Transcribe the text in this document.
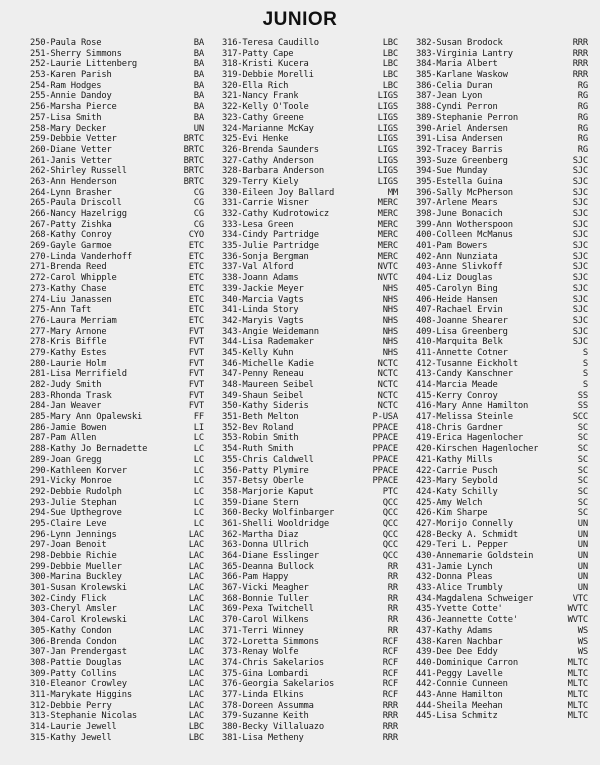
JUNIOR
250-Paula Rose	BA
251-Sherry Simmons	BA
252-Laurie Littenberg	BA
253-Karen Parish	BA
254-Ram Hodges	BA
255-Annie Dandoy	BA
256-Marsha Pierce	BA
257-Lisa Smith	BA
258-Mary Decker	UN
259-Debbie Vetter	BRTC
260-Diane Vetter	BRTC
261-Janis Vetter	BRTC
262-Shirley Russell	BRTC
263-Ann Henderson	BRTC
264-Lynn Brasher	CG
265-Paula Driscoll	CG
266-Nancy Hazelrigg	CG
267-Patty Zishka	CG
268-Kathy Conroy	CYO
269-Gayle Garmoe	ETC
270-Linda Vanderhoff	ETC
271-Brenda Reed	ETC
272-Carol Whipple	ETC
273-Kathy Chase	ETC
274-Liu Janassen	ETC
275-Ann Taft	ETC
276-Laura Merriam	ETC
277-Mary Arnone	FVT
278-Kris Biffle	FVT
279-Kathy Estes	FVT
280-Laurie Holm	FVT
281-Lisa Merrifield	FVT
282-Judy Smith	FVT
283-Rhonda Trask	FVT
284-Jan Weaver	FVT
285-Mary Ann Opalewski	FF
286-Jamie Bowen	LI
287-Pam Allen	LC
288-Kathy Jo Bernadette	LC
289-Joan Gregg	LC
290-Kathleen Korver	LC
291-Vicky Monroe	LC
292-Debbie Rudolph	LC
293-Julie Stephan	LC
294-Sue Upthegrove	LC
295-Claire Leve	LC
296-Lynn Jennings	LAC
297-Joan Benoit	LAC
298-Debbie Richie	LAC
299-Debbie Mueller	LAC
300-Marina Buckley	LAC
301-Susan Krolewski	LAC
302-Cindy Flick	LAC
303-Cheryl Amsler	LAC
304-Carol Krolewski	LAC
305-Kathy Condon	LAC
306-Brenda Condon	LAC
307-Jan Prendergast	LAC
308-Pattie Douglas	LAC
309-Patty Collins	LAC
310-Eleanor Crowley	LAC
311-Marykate Higgins	LAC
312-Debbie Perry	LAC
313-Stephanie Nicolas	LAC
314-Laurie Jewell	LBC
315-Kathy Jewell	LBC
316-Teresa Caudillo	LBC
317-Patty Cape	LBC
318-Kristi Kucera	LBC
319-Debbie Morelli	LBC
320-Ella Rich	LBC
321-Nancy Frank	LIGS
322-Kelly O'Toole	LIGS
323-Cathy Greene	LIGS
324-Marianne McKay	LIGS
325-Evi Henke	LIGS
326-Brenda Saunders	LIGS
327-Cathy Anderson	LIGS
328-Barbara Anderson	LIGS
329-Terry Kiely	LIGS
330-Eileen Joy Ballard	MM
331-Carrie Wisner	MERC
332-Cathy Kudrotowicz	MERC
333-Lesa Green	MERC
334-Cindy Partridge	MERC
335-Julie Partridge	MERC
336-Sonja Bergman	MERC
337-Val Alford	NVTC
338-Joann Adams	NVTC
339-Jackie Meyer	NHS
340-Marcia Vagts	NHS
341-Linda Story	NHS
342-Maryis Vagts	NHS
343-Angie Weidemann	NHS
344-Lisa Rademaker	NHS
345-Kelly Kuhn	NHS
346-Michelle Kadie	NCTC
347-Penny Reneau	NCTC
348-Maureen Seibel	NCTC
349-Shaun Seibel	NCTC
350-Kathy Sideris	NCTC
351-Beth Melton	P-USA
352-Bev Roland	PPACE
353-Robin Smith	PPACE
354-Ruth Smith	PPACE
355-Chris Caldwell	PPACE
356-Patty Plymire	PPACE
357-Betsy Oberle	PPACE
358-Marjorie Kaput	PTC
359-Diane Stern	QCC
360-Becky Wolfinbarger	QCC
361-Shelli Wooldridge	QCC
362-Martha Diaz	QCC
363-Donna Ullrich	QCC
364-Diane Esslinger	QCC
365-Deanna Bullock	RR
366-Pam Happy	RR
367-Vicki Meagher	RR
368-Bonnie Tuller	RR
369-Pexa Twitchell	RR
370-Carol Wilkens	RR
371-Terri Winney	RR
372-Loretta Simmons	RCF
373-Renay Wolfe	RCF
374-Chris Sakelarios	RCF
375-Gina Lombardi	RCF
376-Georgia Sakelarios	RCF
377-Linda Elkins	RCF
378-Doreen Assumma	RRR
379-Suzanne Keith	RRR
380-Becky Villaluazo	RRR
381-Lisa Metheny	RRR
382-Susan Brodock	RRR
383-Virginia Lantry	RRR
384-Maria Albert	RRR
385-Karlane Waskow	RRR
386-Celia Duran	RG
387-Jean Lyon	RG
388-Cyndi Perron	RG
389-Stephanie Perron	RG
390-Ariel Andersen	RG
391-Lisa Andersen	RG
392-Tracey Barris	RG
393-Suze Greenberg	SJC
394-Sue Munday	SJC
395-Estella Guina	SJC
396-Sally McPherson	SJC
397-Arlene Mears	SJC
398-June Bonacich	SJC
399-Ann Wotherspoon	SJC
400-Colleen McManus	SJC
401-Pam Bowers	SJC
402-Ann Nunziata	SJC
403-Anne Slivkoff	SJC
404-Liz Douglas	SJC
405-Carolyn Bing	SJC
406-Heide Hansen	SJC
407-Rachael Ervin	SJC
408-Joanne Shearer	SJC
409-Lisa Greenberg	SJC
410-Marquita Belk	SJC
411-Annette Cotner	S
412-Tusanne Eickholt	S
413-Candy Kanschner	S
414-Marcia Meade	S
415-Kerry Conroy	SS
416-Mary Anne Hamilton	SS
417-Melissa Steinle	SCC
418-Chris Gardner	SC
419-Erica Hagenlocher	SC
420-Kirschen Hagenlocher	SC
421-Kathy Mills	SC
422-Carrie Pusch	SC
423-Mary Seybold	SC
424-Katy Schilly	SC
425-Amy Welch	SC
426-Kim Sharpe	SC
427-Morijo Connelly	UN
428-Becky A. Schmidt	UN
429-Teri L. Pepper	UN
430-Annemarie Goldstein	UN
431-Jamie Lynch	UN
432-Donna Pleas	UN
433-Alice Trumbly	UN
434-Magdalena Schweiger	VTC
435-Yvette Cotte'	WVTC
436-Jeannette Cotte'	WVTC
437-Kathy Adams	WS
438-Karen Nachbar	WS
439-Dee Dee Eddy	WS
440-Dominique Carron	MLTC
441-Peggy Lavelle	MLTC
442-Connie Cunneen	MLTC
443-Anne Hamilton	MLTC
444-Sheila Meehan	MLTC
445-Lisa Schmitz	MLTC
